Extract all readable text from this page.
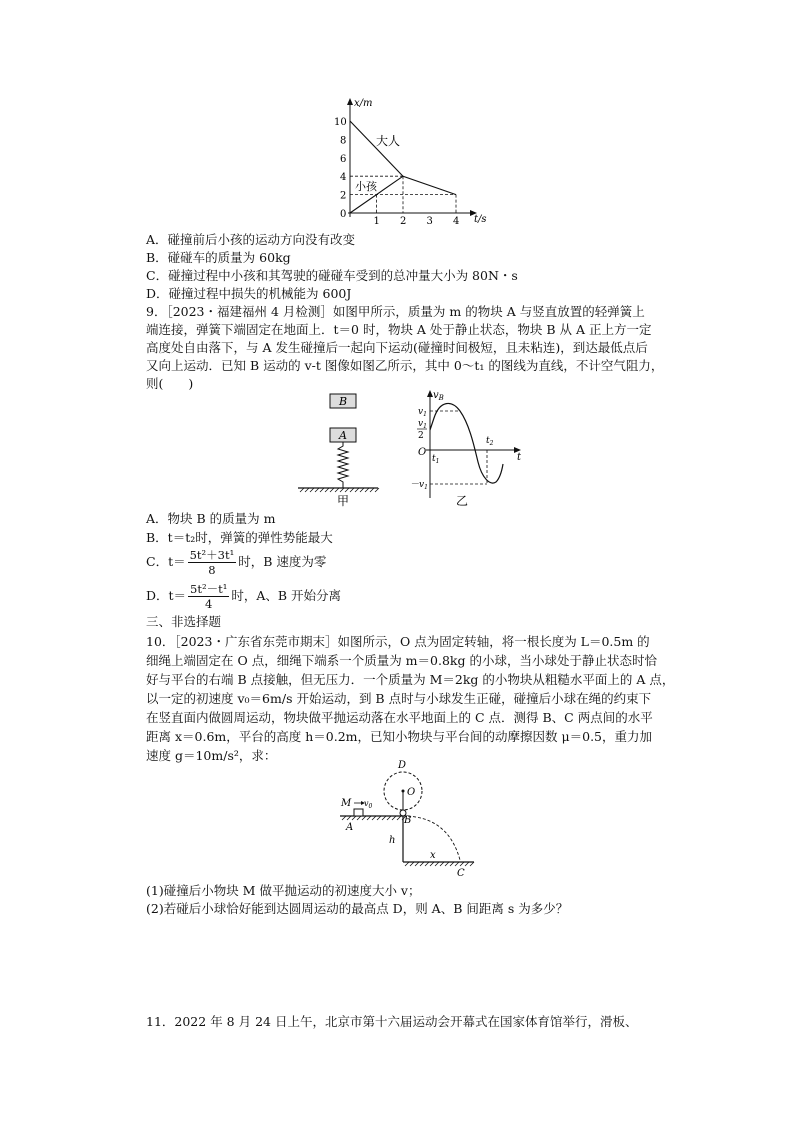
x/m
t/s
10
8
6
4
2
0
1 2 3 4
大人
小孩
A．碰撞前后小孩的运动方向没有改变
B．碰碰车的质量为 60kg
C．碰撞过程中小孩和其驾驶的碰碰车受到的总冲量大小为 80N・s
D．碰撞过程中损失的机械能为 600J
9．［2023・福建福州 4 月检测］如图甲所示，质量为 m 的物块 A 与竖直放置的轻弹簧上
端连接，弹簧下端固定在地面上．t＝0 时，物块 A 处于静止状态，物块 B 从 A 正上方一定
高度处自由落下，与 A 发生碰撞后一起向下运动(碰撞时间极短，且未粘连)，到达最低点后
又向上运动．已知 B 运动的 v-t 图像如图乙所示，其中 0～t₁ 的图线为直线，不计空气阻力，
则(　　)
B
A
甲
$v_B$
$v_1$
$v_1$
2
O	t
$t_1$
$t_2$
$-v_1$
乙
A．物块 B 的质量为 m
B．t＝t₂时，弹簧的弹性势能最大
C．$t= \frac{\text{5t²＋3t¹}}{8}$ 时，B 速度为零
D．$t= \frac{\text{5t²－t¹}}{4}$ 时，A、B 开始分离
三、非选择题
10．［2023・广东省东莞市期末］如图所示，O 点为固定转轴，将一根长度为 L＝0.5m 的
细绳上端固定在 O 点，细绳下端系一个质量为 m＝0.8kg 的小球，当小球处于静止状态时恰
好与平台的右端 B 点接触，但无压力．一个质量为 M＝2kg 的小物块从粗糙水平面上的 A 点，
以一定的初速度 v₀＝6m/s 开始运动，到 B 点时与小球发生正碰，碰撞后小球在绳的约束下
在竖直面内做圆周运动，物块做平抛运动落在水平地面上的 C 点．测得 B、C 两点间的水平
距离 x＝0.6m，平台的高度 h＝0.2m，已知小物块与平台间的动摩擦因数 μ＝0.5，重力加
速度 g＝10m/s²，求：
D
O
M $v_0$
A
B
h
x
C
(1)碰撞后小物块 M 做平抛运动的初速度大小 v；
(2)若碰后小球恰好能到达圆周运动的最高点 D，则 A、B 间距离 s 为多少？
11．2022 年 8 月 24 日上午，北京市第十六届运动会开幕式在国家体育馆举行，滑板、
